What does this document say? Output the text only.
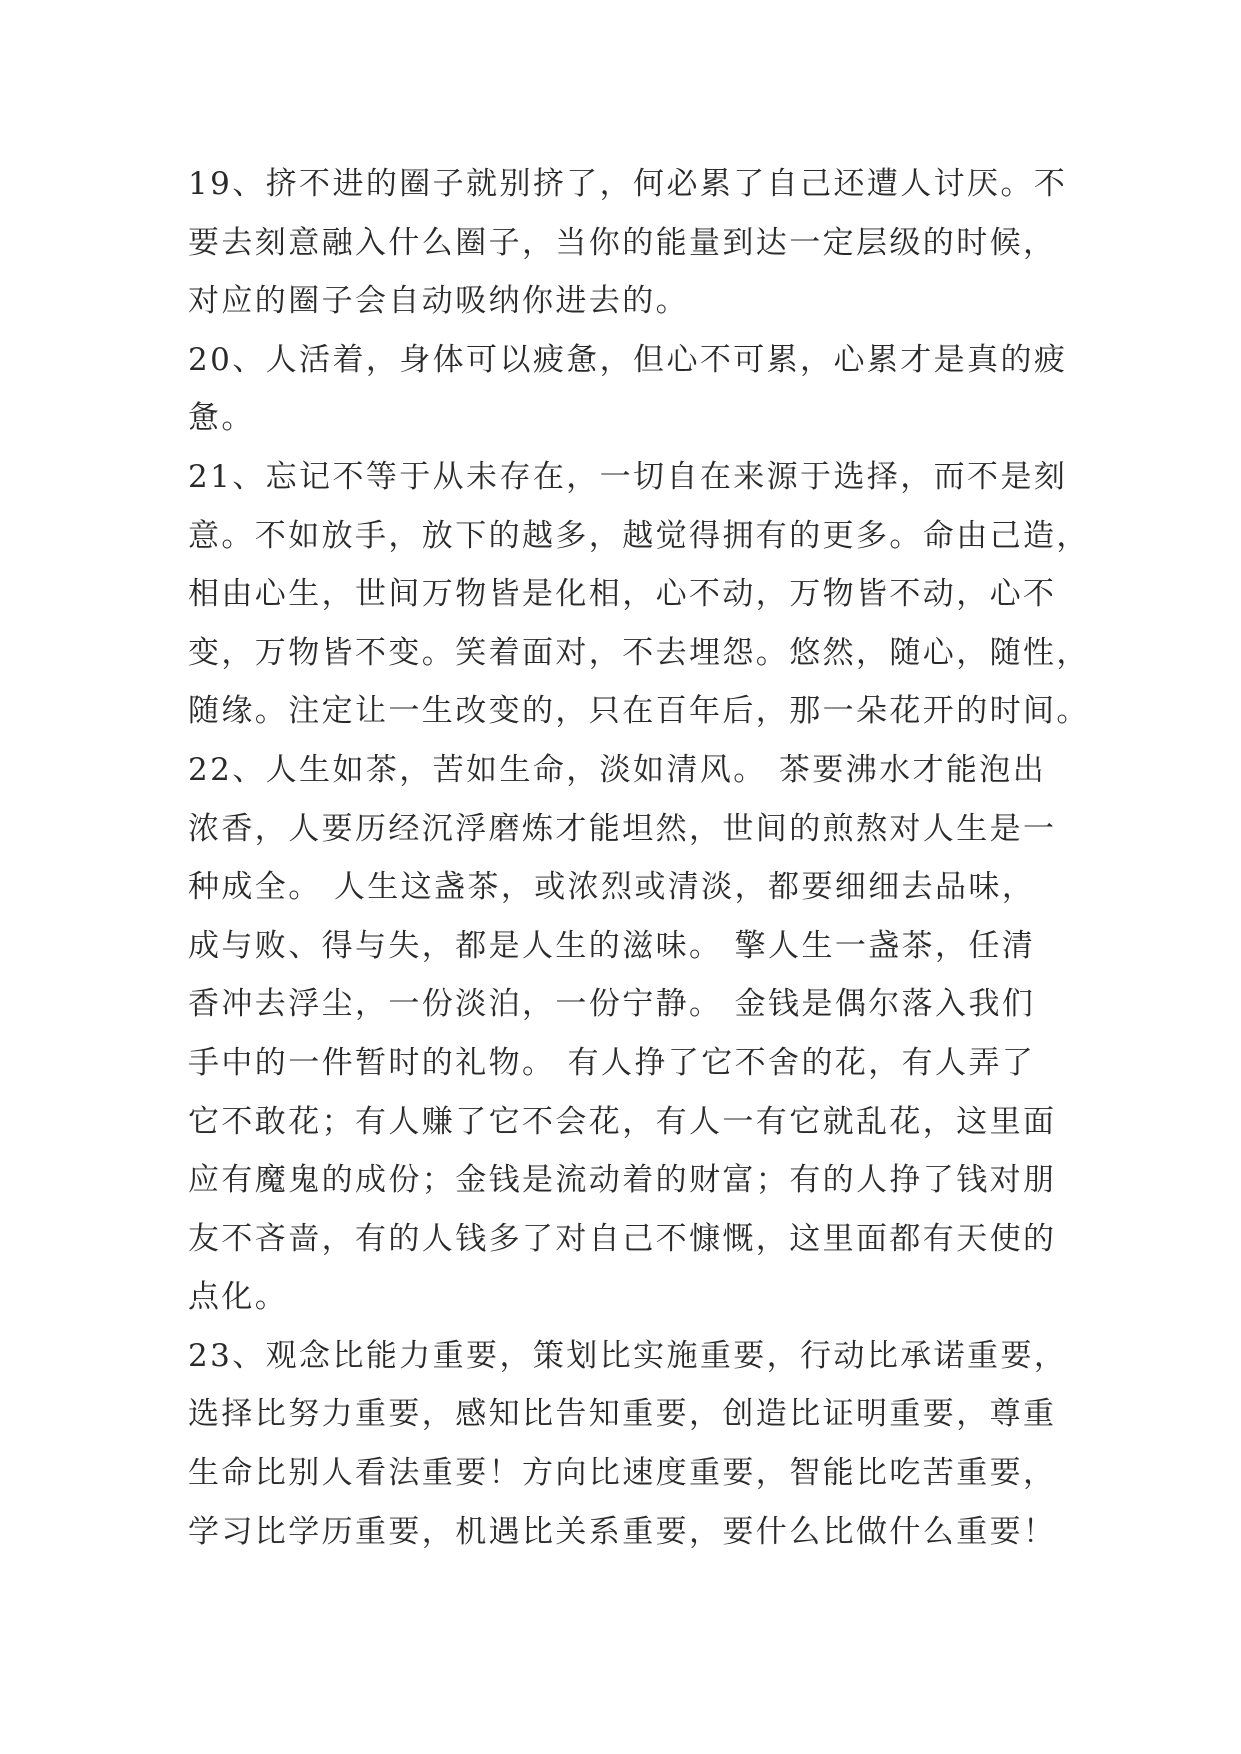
19、挤不进的圈子就别挤了，何必累了自己还遭人讨厌。不
要去刻意融入什么圈子，当你的能量到达一定层级的时候，
对应的圈子会自动吸纳你进去的。

20、人活着，身体可以疲惫，但心不可累，心累才是真的疲
惫。

21、忘记不等于从未存在，一切自在来源于选择，而不是刻
意。不如放手，放下的越多，越觉得拥有的更多。命由己造，
相由心生，世间万物皆是化相，心不动，万物皆不动，心不
变，万物皆不变。笑着面对，不去埋怨。悠然，随心，随性，
随缘。注定让一生改变的，只在百年后，那一朵花开的时间。

22、人生如茶，苦如生命，淡如清风。 茶要沸水才能泡出
浓香，人要历经沉浮磨炼才能坦然，世间的煎熬对人生是一
种成全。 人生这盏茶，或浓烈或清淡，都要细细去品味，
成与败、得与失，都是人生的滋味。 擎人生一盏茶，任清
香冲去浮尘，一份淡泊，一份宁静。 金钱是偶尔落入我们
手中的一件暂时的礼物。 有人挣了它不舍的花，有人弄了
它不敢花；有人赚了它不会花，有人一有它就乱花，这里面
应有魔鬼的成份；金钱是流动着的财富；有的人挣了钱对朋
友不吝啬，有的人钱多了对自己不慷慨，这里面都有天使的
点化。

23、观念比能力重要，策划比实施重要，行动比承诺重要，
选择比努力重要，感知比告知重要，创造比证明重要，尊重
生命比别人看法重要！方向比速度重要，智能比吃苦重要，
学习比学历重要，机遇比关系重要，要什么比做什么重要！
